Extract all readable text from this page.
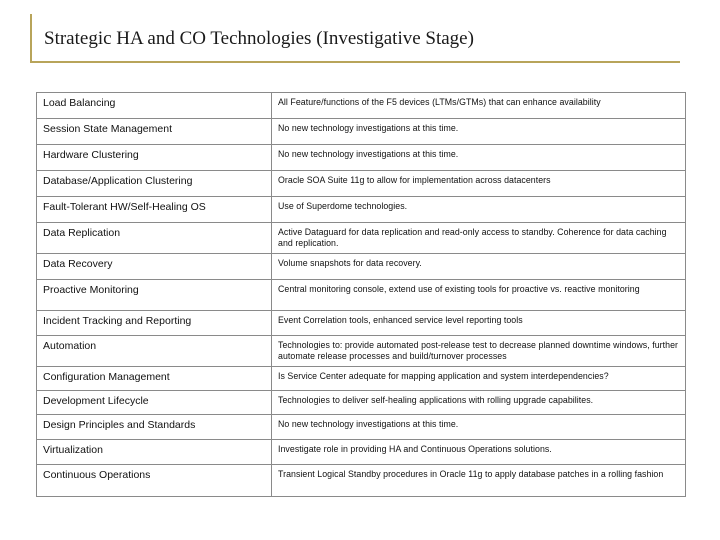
Strategic HA and CO Technologies (Investigative Stage)
Load Balancing	All Feature/functions of the F5 devices (LTMs/GTMs) that can enhance availability
Session State Management	No new technology investigations at this time.
Hardware Clustering	No new technology investigations at this time.
Database/Application Clustering	Oracle SOA Suite 11g to allow for implementation across datacenters
Fault-Tolerant HW/Self-Healing OS	Use of Superdome technologies.
Data Replication	Active Dataguard for data replication and read-only access to standby. Coherence for data caching and replication.
Data Recovery	Volume snapshots for data recovery.
Proactive Monitoring	Central monitoring console, extend use of existing tools for proactive vs. reactive monitoring
Incident Tracking and Reporting	Event Correlation tools, enhanced service level reporting tools
Automation	Technologies to: provide automated post-release test to decrease planned downtime windows, further automate release processes and build/turnover processes
Configuration Management	Is Service Center adequate for mapping application and system interdependencies?
Development Lifecycle	Technologies to deliver self-healing applications with rolling upgrade capabilites.
Design Principles and Standards	No new technology investigations at this time.
Virtualization	Investigate role in providing HA and Continuous Operations solutions.
Continuous Operations	Transient Logical Standby procedures in Oracle 11g to apply database patches in a rolling fashion
